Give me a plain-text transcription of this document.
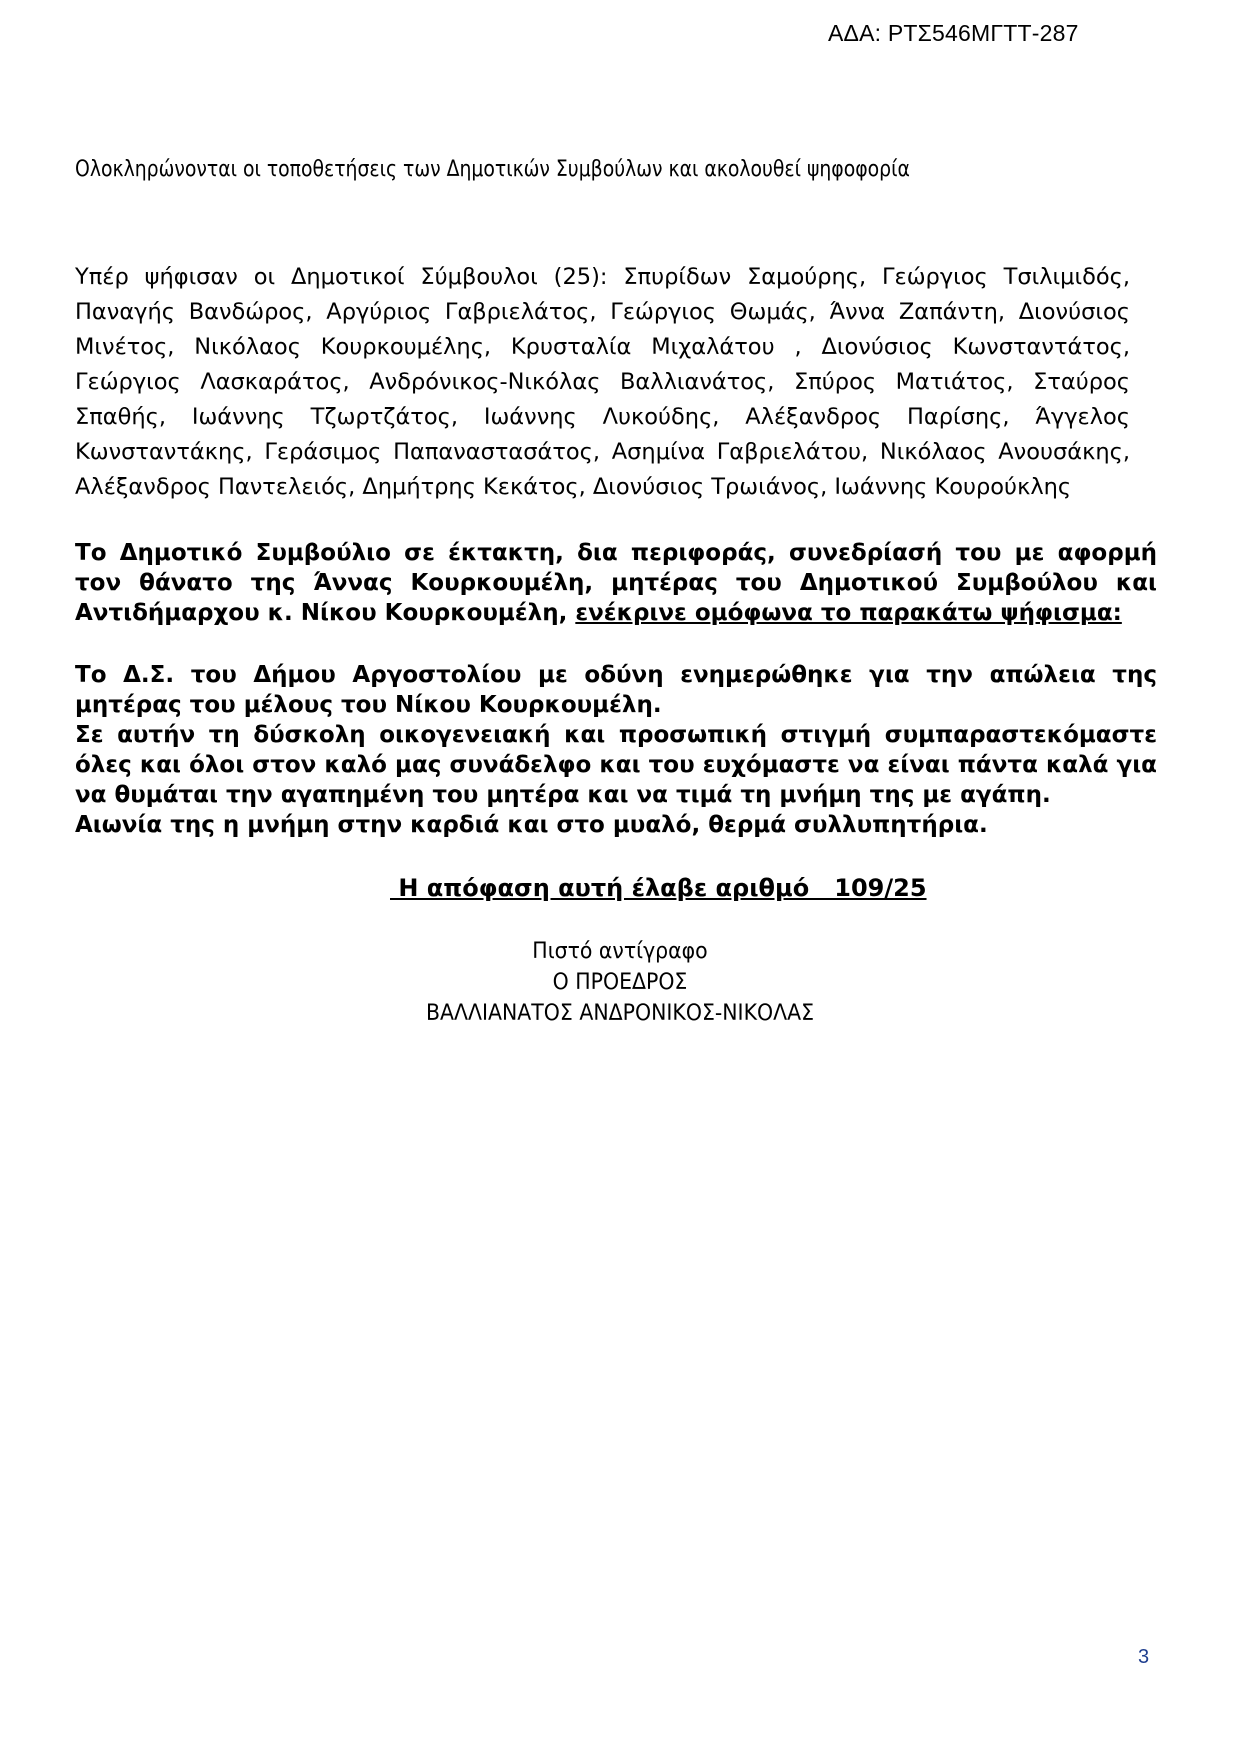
ΑΔΑ: ΡΤΣ546ΜΓΤΤ-287
Ολοκληρώνονται οι τοποθετήσεις των Δημοτικών Συμβούλων και ακολουθεί ψηφοφορία
Υπέρ ψήφισαν οι Δημοτικοί Σύμβουλοι (25): Σπυρίδων Σαμούρης, Γεώργιος Τσιλιμιδός, Παναγής Βανδώρος, Αργύριος Γαβριελάτος, Γεώργιος Θωμάς, Άννα Ζαπάντη, Διονύσιος Μινέτος, Νικόλαος Κουρκουμέλης, Κρυσταλία Μιχαλάτου , Διονύσιος Κωνσταντάτος, Γεώργιος Λασκαράτος, Ανδρόνικος-Νικόλας Βαλλιανάτος, Σπύρος Ματιάτος, Σταύρος Σπαθής, Ιωάννης Τζωρτζάτος, Ιωάννης Λυκούδης, Αλέξανδρος Παρίσης, Άγγελος Κωνσταντάκης, Γεράσιμος Παπαναστασάτος, Ασημίνα Γαβριελάτου, Νικόλαος Ανουσάκης, Αλέξανδρος Παντελειός, Δημήτρης Κεκάτος, Διονύσιος Τρωιάνος, Ιωάννης Κουρούκλης
Το Δημοτικό Συμβούλιο σε έκτακτη, δια περιφοράς, συνεδρίασή του με αφορμή τον θάνατο της Άννας Κουρκουμέλη, μητέρας του Δημοτικού Συμβούλου και Αντιδήμαρχου κ. Νίκου Κουρκουμέλη, ενέκρινε ομόφωνα το παρακάτω ψήφισμα:

Το Δ.Σ. του Δήμου Αργοστολίου με οδύνη ενημερώθηκε για την απώλεια της μητέρας του μέλους του Νίκου Κουρκουμέλη.

Σε αυτήν τη δύσκολη οικογενειακή και προσωπική στιγμή συμπαραστεκόμαστε όλες και όλοι στον καλό μας συνάδελφο και του ευχόμαστε να είναι πάντα καλά για να θυμάται την αγαπημένη του μητέρα και να τιμά τη μνήμη της με αγάπη.

Αιωνία της η μνήμη στην καρδιά και στο μυαλό, θερμά συλλυπητήρια.

Η απόφαση αυτή έλαβε αριθμό   109/25
Πιστό αντίγραφο
Ο ΠΡΟΕΔΡΟΣ
ΒΑΛΛΙΑΝΑΤΟΣ ΑΝΔΡΟΝΙΚΟΣ-ΝΙΚΟΛΑΣ
3
